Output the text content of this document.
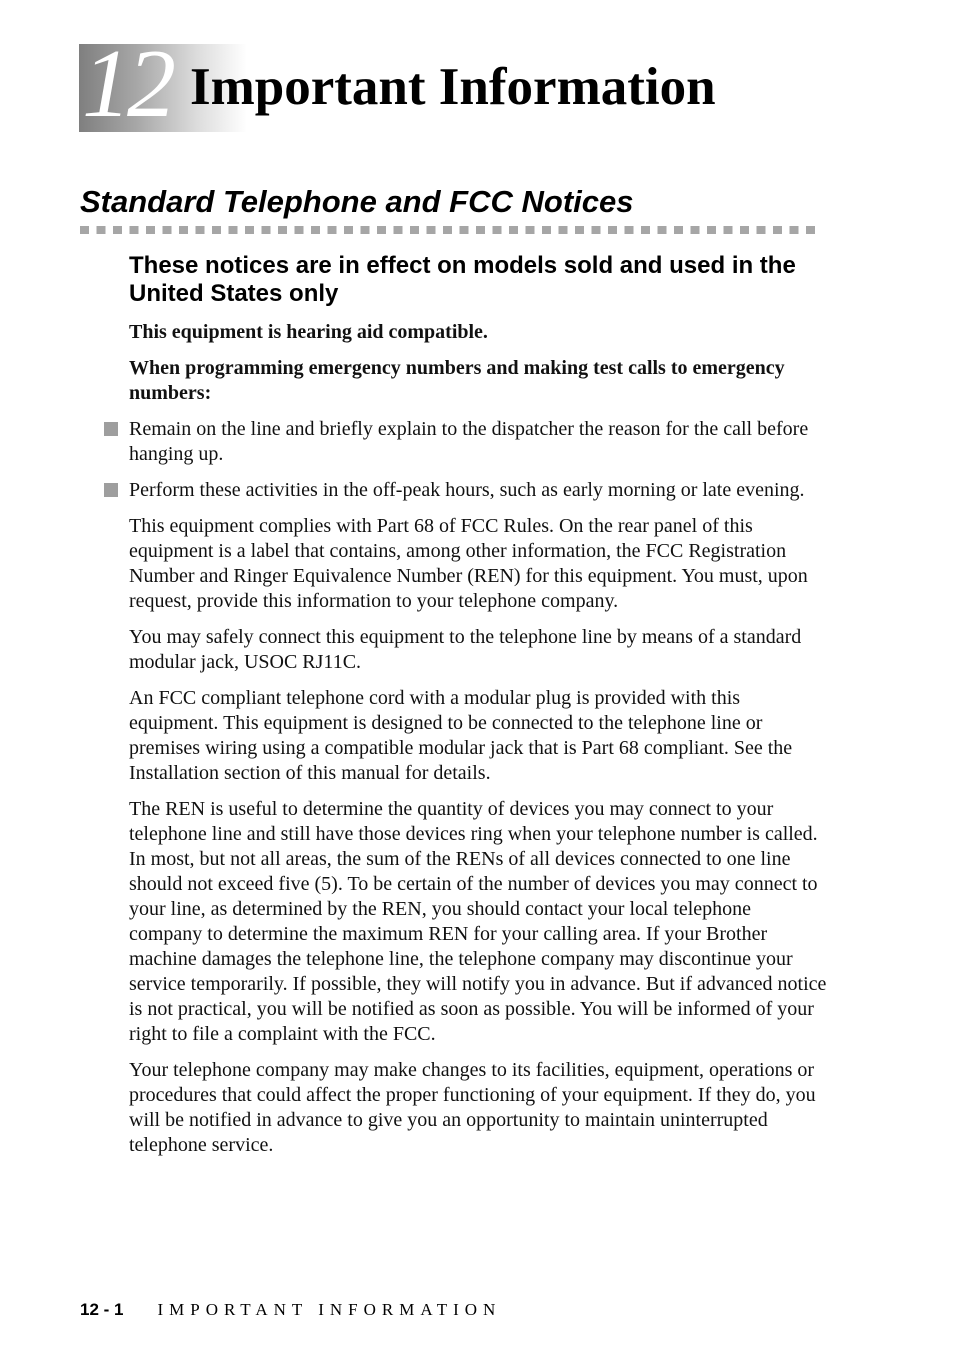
12 Important Information
Standard Telephone and FCC Notices
These notices are in effect on models sold and used in the United States only

This equipment is hearing aid compatible.

When programming emergency numbers and making test calls to emergency numbers:

Remain on the line and briefly explain to the dispatcher the reason for the call before hanging up.
Perform these activities in the off-peak hours, such as early morning or late evening.

This equipment complies with Part 68 of FCC Rules. On the rear panel of this equipment is a label that contains, among other information, the FCC Registration Number and Ringer Equivalence Number (REN) for this equipment. You must, upon request, provide this information to your telephone company.

You may safely connect this equipment to the telephone line by means of a standard modular jack, USOC RJ11C.

An FCC compliant telephone cord with a modular plug is provided with this equipment. This equipment is designed to be connected to the telephone line or premises wiring using a compatible modular jack that is Part 68 compliant. See the Installation section of this manual for details.

The REN is useful to determine the quantity of devices you may connect to your telephone line and still have those devices ring when your telephone number is called. In most, but not all areas, the sum of the RENs of all devices connected to one line should not exceed five (5). To be certain of the number of devices you may connect to your line, as determined by the REN, you should contact your local telephone company to determine the maximum REN for your calling area. If your Brother machine damages the telephone line, the telephone company may discontinue your service temporarily. If possible, they will notify you in advance. But if advanced notice is not practical, you will be notified as soon as possible. You will be informed of your right to file a complaint with the FCC.

Your telephone company may make changes to its facilities, equipment, operations or procedures that could affect the proper functioning of your equipment. If they do, you will be notified in advance to give you an opportunity to maintain uninterrupted telephone service.

12 - 1 IMPORTANT INFORMATION
